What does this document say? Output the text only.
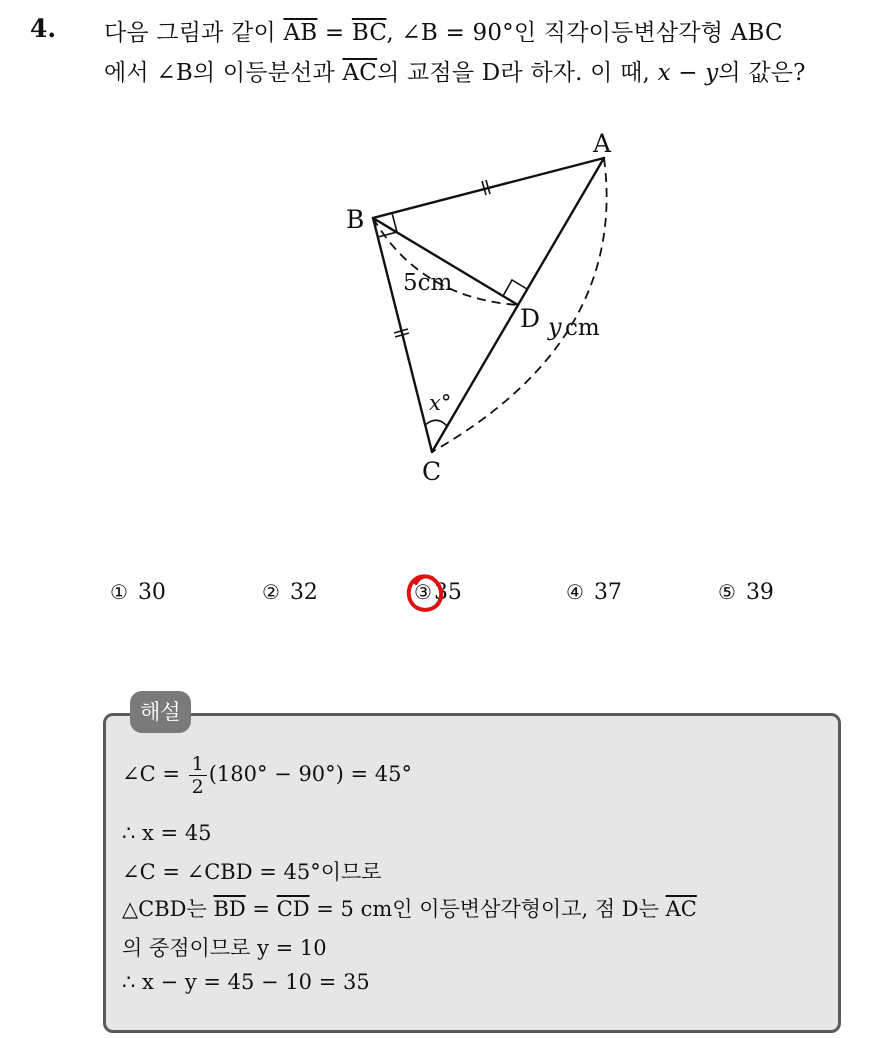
4. 다음 그림과 같이 $\overline{AB} = \overline{BC}$, ∠B = 90°인 직각이등변삼각형 ABC
에서 ∠B의 이등분선과 $\overline{AC}$의 교점을 D라 하자. 이 때, x − y의 값은?
A
B
C
D
5cm
y cm
x°
① 30	② 32	③35	④ 37	⑤ 39
해설
∠C = $\frac{1}{2} (180^\circ - 90^\circ) = 45^\circ$
∴ x = 45
∠C = ∠CBD = 45°이므로
△CBD는 $\overline{BD} = \overline{CD} = 5$ cm인 이등변삼각형이고, 점 D는 $\overline{AC}$
의 중점이므로 y = 10
∴ x − y = 45 − 10 = 35
